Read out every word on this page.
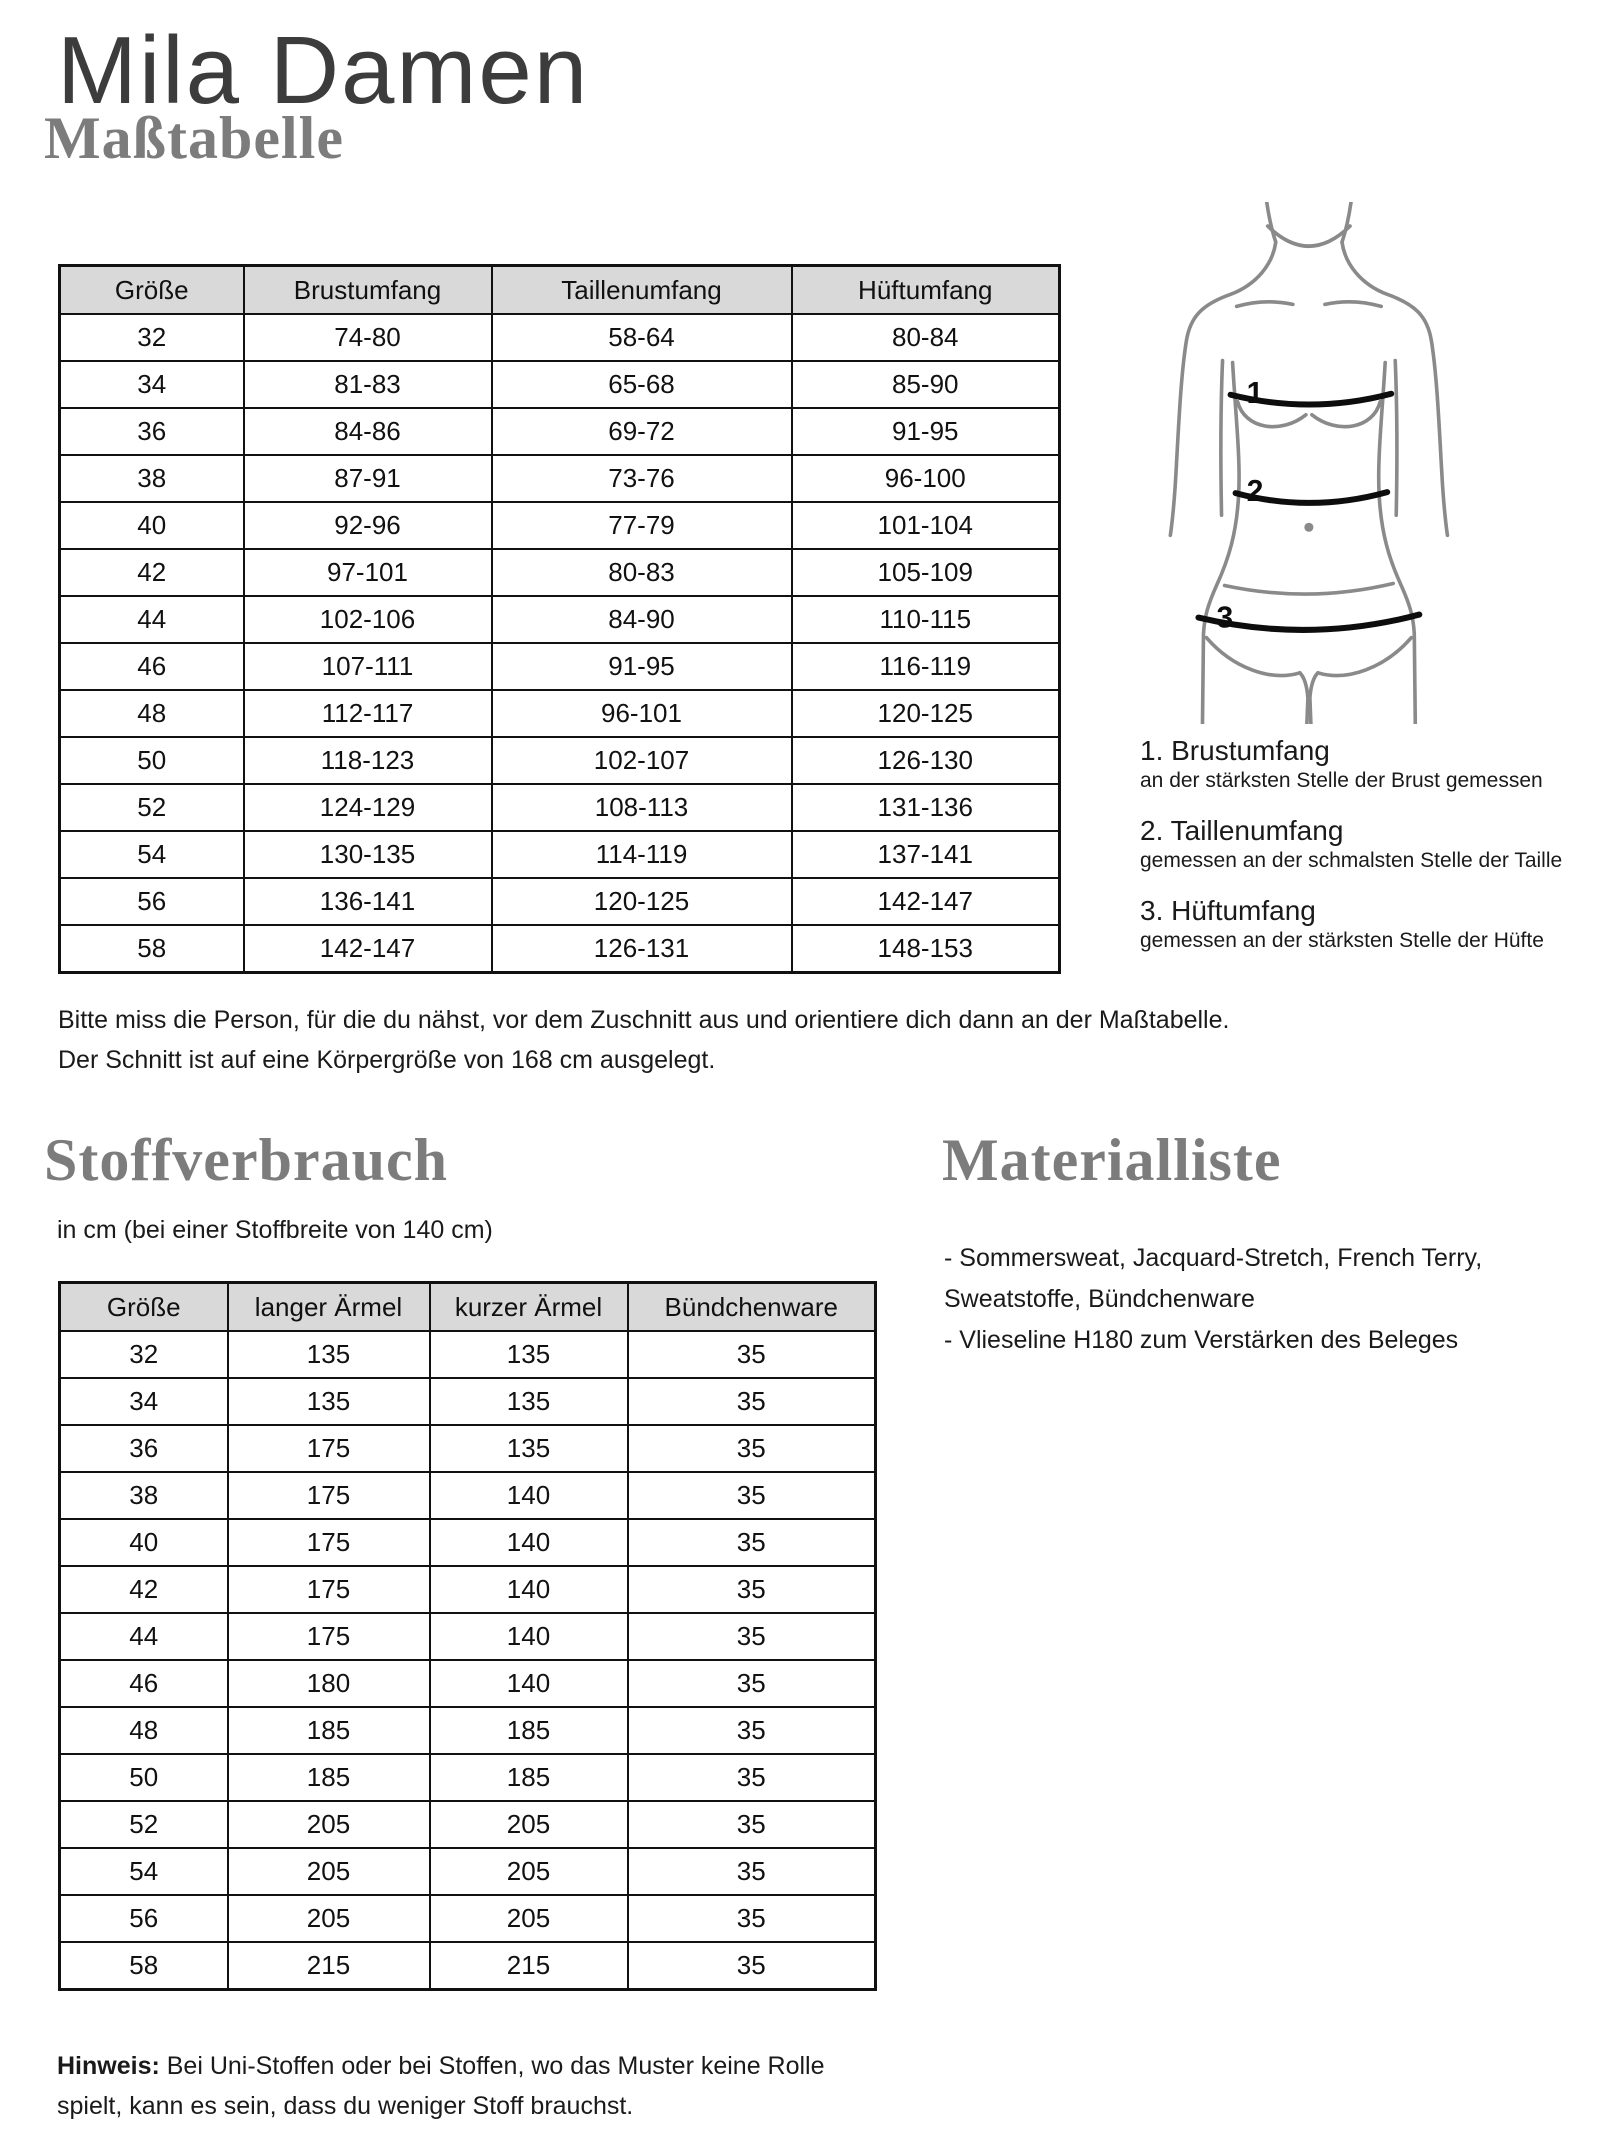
Mila Damen
Maßtabelle
Größe	Brustumfang	Taillenumfang	Hüftumfang
32	74-80	58-64	80-84
34	81-83	65-68	85-90
36	84-86	69-72	91-95
38	87-91	73-76	96-100
40	92-96	77-79	101-104
42	97-101	80-83	105-109
44	102-106	84-90	110-115
46	107-111	91-95	116-119
48	112-117	96-101	120-125
50	118-123	102-107	126-130
52	124-129	108-113	131-136
54	130-135	114-119	137-141
56	136-141	120-125	142-147
58	142-147	126-131	148-153
1
2
3
1. Brustumfang
an der stärksten Stelle der Brust gemessen
2. Taillenumfang
gemessen an der schmalsten Stelle der Taille
3. Hüftumfang
gemessen an der stärksten Stelle der Hüfte
Bitte miss die Person, für die du nähst, vor dem Zuschnitt aus und orientiere dich dann an der Maßtabelle.
Der Schnitt ist auf eine Körpergröße von 168 cm ausgelegt.
Stoffverbrauch
in cm (bei einer Stoffbreite von 140 cm)
Größe	langer Ärmel	kurzer Ärmel	Bündchenware
32	135	135	35
34	135	135	35
36	175	135	35
38	175	140	35
40	175	140	35
42	175	140	35
44	175	140	35
46	180	140	35
48	185	185	35
50	185	185	35
52	205	205	35
54	205	205	35
56	205	205	35
58	215	215	35
Materialliste
- Sommersweat, Jacquard-Stretch, French Terry, Sweatstoffe, Bündchenware
- Vlieseline H180 zum Verstärken des Beleges
Hinweis: Bei Uni-Stoffen oder bei Stoffen, wo das Muster keine Rolle spielt, kann es sein, dass du weniger Stoff brauchst.
